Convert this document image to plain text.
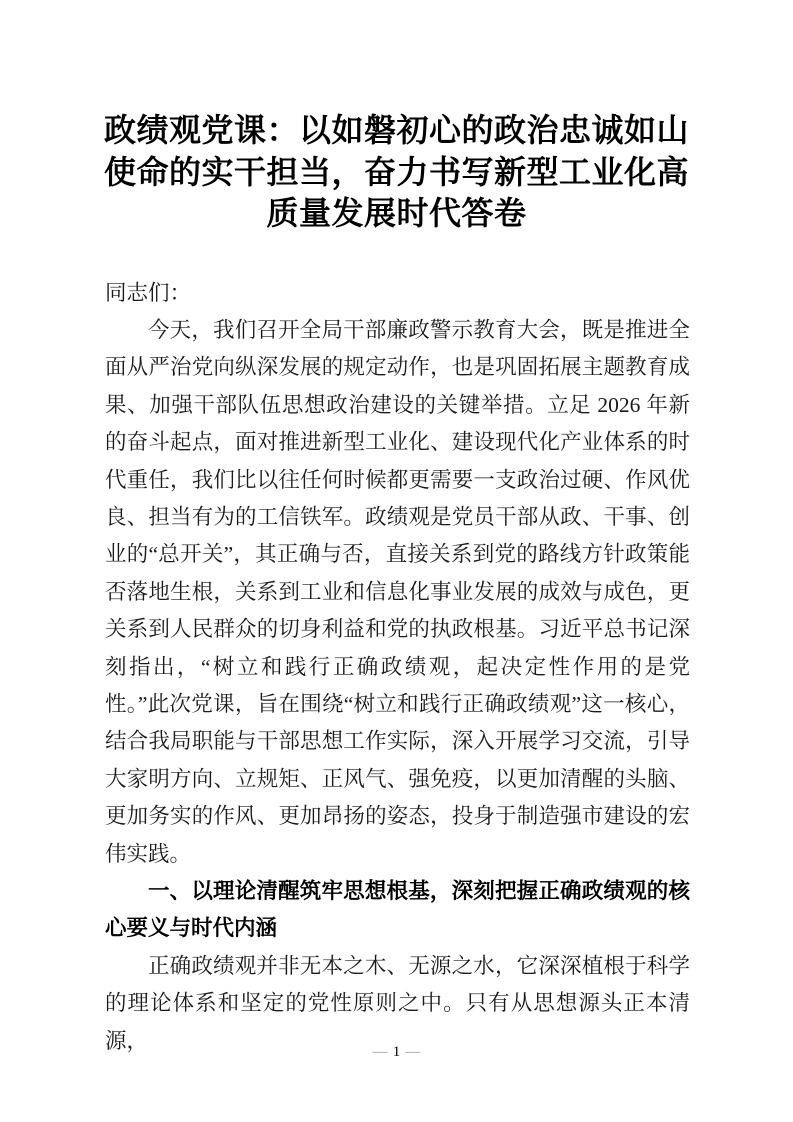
政绩观党课：以如磐初心的政治忠诚如山
使命的实干担当，奋力书写新型工业化高
质量发展时代答卷

同志们：

今天，我们召开全局干部廉政警示教育大会，既是推进全面从严治党向纵深发展的规定动作，也是巩固拓展主题教育成果、加强干部队伍思想政治建设的关键举措。立足 2026 年新的奋斗起点，面对推进新型工业化、建设现代化产业体系的时代重任，我们比以往任何时候都更需要一支政治过硬、作风优良、担当有为的工信铁军。政绩观是党员干部从政、干事、创业的“总开关”，其正确与否，直接关系到党的路线方针政策能否落地生根，关系到工业和信息化事业发展的成效与成色，更关系到人民群众的切身利益和党的执政根基。习近平总书记深刻指出，“树立和践行正确政绩观，起决定性作用的是党性。”此次党课，旨在围绕“树立和践行正确政绩观”这一核心，结合我局职能与干部思想工作实际，深入开展学习交流，引导大家明方向、立规矩、正风气、强免疫，以更加清醒的头脑、更加务实的作风、更加昂扬的姿态，投身于制造强市建设的宏伟实践。

一、以理论清醒筑牢思想根基，深刻把握正确政绩观的核心要义与时代内涵

正确政绩观并非无本之木、无源之水，它深深植根于科学的理论体系和坚定的党性原则之中。只有从思想源头正本清源，	— 1 —
